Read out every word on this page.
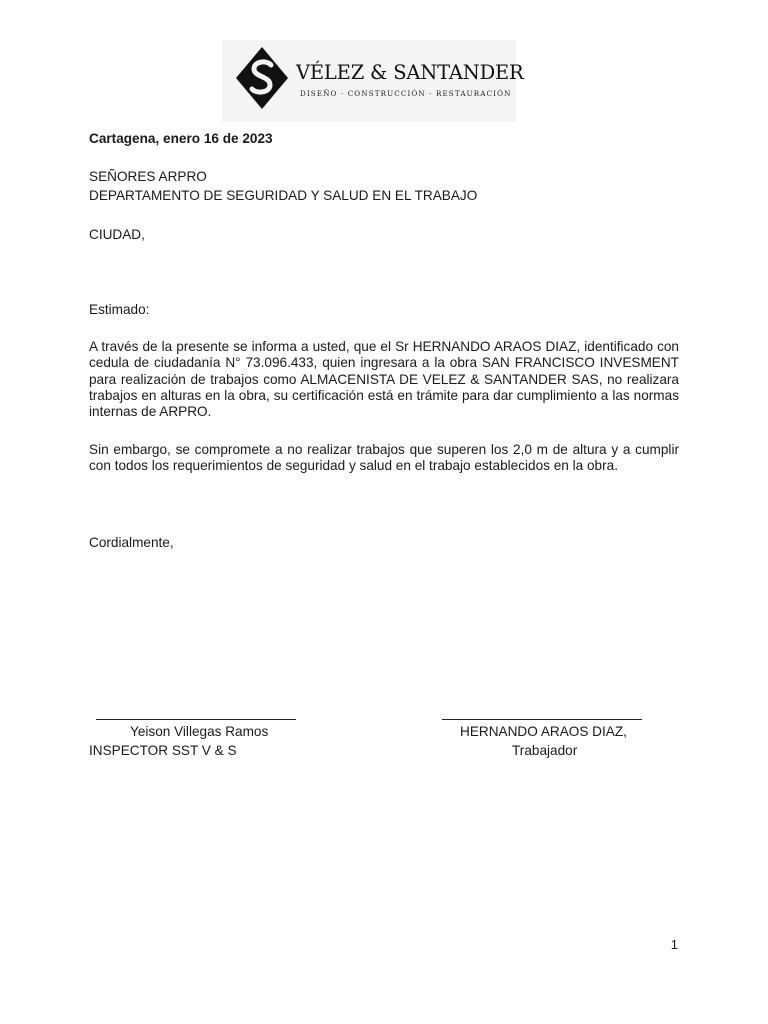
VÉLEZ & SANTANDER
DISEÑO · CONSTRUCCIÓN · RESTAURACIÓN
Cartagena, enero 16 de 2023
SEÑORES ARPRO
DEPARTAMENTO DE SEGURIDAD Y SALUD EN EL TRABAJO
CIUDAD,
Estimado:
A través de la presente se informa a usted, que el Sr HERNANDO ARAOS DIAZ, identificado con cedula de ciudadanía N° 73.096.433, quien ingresara a la obra SAN FRANCISCO INVESMENT para realización de trabajos como ALMACENISTA DE VELEZ & SANTANDER SAS, no realizara trabajos en alturas en la obra, su certificación está en trámite para dar cumplimiento a las normas internas de ARPRO.
Sin embargo, se compromete a no realizar trabajos que superen los 2,0 m de altura y a cumplir con todos los requerimientos de seguridad y salud en el trabajo establecidos en la obra.
Cordialmente,
Yeison Villegas Ramos
INSPECTOR SST V & S
HERNANDO ARAOS DIAZ,
Trabajador
1
